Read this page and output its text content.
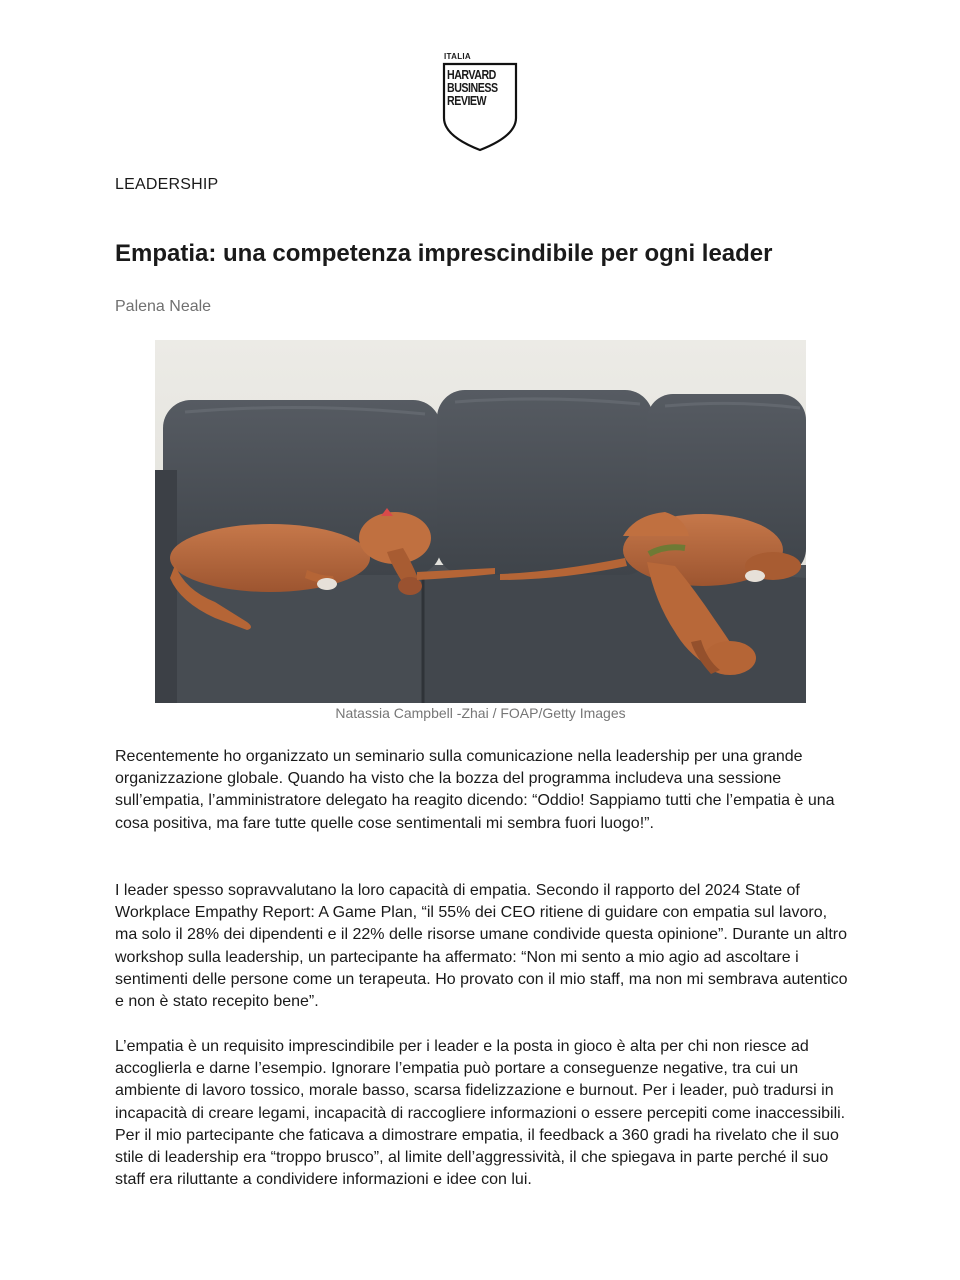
ITALIA
HARVARD
BUSINESS
REVIEW
LEADERSHIP
Empatia: una competenza imprescindibile per ogni leader
Palena Neale
Natassia Campbell -Zhai / FOAP/Getty Images

Recentemente ho organizzato un seminario sulla comunicazione nella leadership per una grande organizzazione globale. Quando ha visto che la bozza del programma includeva una sessione sull’empatia, l’amministratore delegato ha reagito dicendo: “Oddio! Sappiamo tutti che l’empatia è una cosa positiva, ma fare tutte quelle cose sentimentali mi sembra fuori luogo!”.

I leader spesso sopravvalutano la loro capacità di empatia. Secondo il rapporto del 2024 State of Workplace Empathy Report: A Game Plan, “il 55% dei CEO ritiene di guidare con empatia sul lavoro, ma solo il 28% dei dipendenti e il 22% delle risorse umane condivide questa opinione”. Durante un altro workshop sulla leadership, un partecipante ha affermato: “Non mi sento a mio agio ad ascoltare i sentimenti delle persone come un terapeuta. Ho provato con il mio staff, ma non mi sembrava autentico e non è stato recepito bene”.

L’empatia è un requisito imprescindibile per i leader e la posta in gioco è alta per chi non riesce ad accoglierla e darne l’esempio. Ignorare l’empatia può portare a conseguenze negative, tra cui un ambiente di lavoro tossico, morale basso, scarsa fidelizzazione e burnout. Per i leader, può tradursi in incapacità di creare legami, incapacità di raccogliere informazioni o essere percepiti come inaccessibili. Per il mio partecipante che faticava a dimostrare empatia, il feedback a 360 gradi ha rivelato che il suo stile di leadership era “troppo brusco”, al limite dell’aggressività, il che spiegava in parte perché il suo staff era riluttante a condividere informazioni e idee con lui.
